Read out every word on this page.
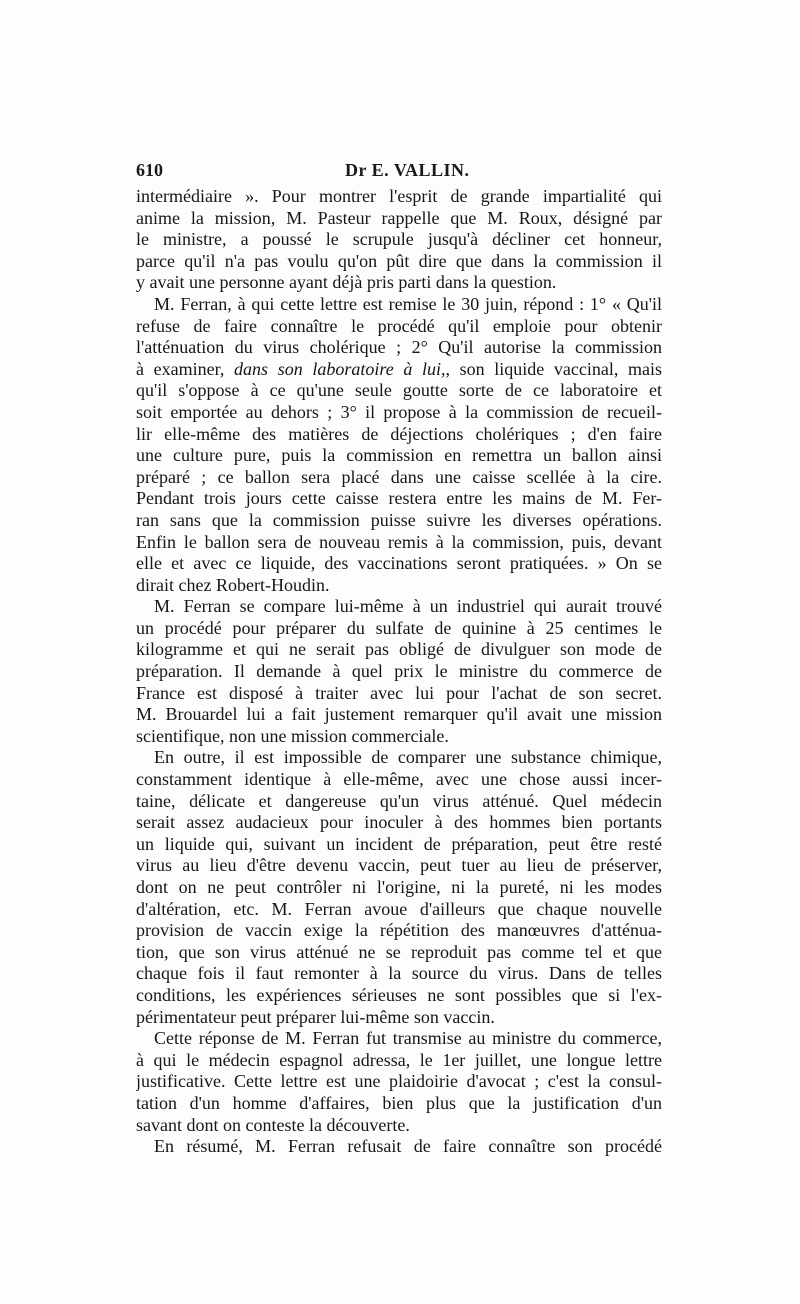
610	Dr E. VALLIN.
intermédiaire ». Pour montrer l'esprit de grande impartialité qui
anime la mission, M. Pasteur rappelle que M. Roux, désigné par
le ministre, a poussé le scrupule jusqu'à décliner cet honneur,
parce qu'il n'a pas voulu qu'on pût dire que dans la commission il
y avait une personne ayant déjà pris parti dans la question.
M. Ferran, à qui cette lettre est remise le 30 juin, répond : 1° « Qu'il
refuse de faire connaître le procédé qu'il emploie pour obtenir
l'atténuation du virus cholérique ; 2° Qu'il autorise la commission
à examiner, dans son laboratoire à lui,, son liquide vaccinal, mais
qu'il s'oppose à ce qu'une seule goutte sorte de ce laboratoire et
soit emportée au dehors ; 3° il propose à la commission de recueil-
lir elle-même des matières de déjections cholériques ; d'en faire
une culture pure, puis la commission en remettra un ballon ainsi
préparé ; ce ballon sera placé dans une caisse scellée à la cire.
Pendant trois jours cette caisse restera entre les mains de M. Fer-
ran sans que la commission puisse suivre les diverses opérations.
Enfin le ballon sera de nouveau remis à la commission, puis, devant
elle et avec ce liquide, des vaccinations seront pratiquées. » On se
dirait chez Robert-Houdin.
M. Ferran se compare lui-même à un industriel qui aurait trouvé
un procédé pour préparer du sulfate de quinine à 25 centimes le
kilogramme et qui ne serait pas obligé de divulguer son mode de
préparation. Il demande à quel prix le ministre du commerce de
France est disposé à traiter avec lui pour l'achat de son secret.
M. Brouardel lui a fait justement remarquer qu'il avait une mission
scientifique, non une mission commerciale.
En outre, il est impossible de comparer une substance chimique,
constamment identique à elle-même, avec une chose aussi incer-
taine, délicate et dangereuse qu'un virus atténué. Quel médecin
serait assez audacieux pour inoculer à des hommes bien portants
un liquide qui, suivant un incident de préparation, peut être resté
virus au lieu d'être devenu vaccin, peut tuer au lieu de préserver,
dont on ne peut contrôler ni l'origine, ni la pureté, ni les modes
d'altération, etc. M. Ferran avoue d'ailleurs que chaque nouvelle
provision de vaccin exige la répétition des manœuvres d'atténua-
tion, que son virus atténué ne se reproduit pas comme tel et que
chaque fois il faut remonter à la source du virus. Dans de telles
conditions, les expériences sérieuses ne sont possibles que si l'ex-
périmentateur peut préparer lui-même son vaccin.
Cette réponse de M. Ferran fut transmise au ministre du commerce,
à qui le médecin espagnol adressa, le 1er juillet, une longue lettre
justificative. Cette lettre est une plaidoirie d'avocat ; c'est la consul-
tation d'un homme d'affaires, bien plus que la justification d'un
savant dont on conteste la découverte.
En résumé, M. Ferran refusait de faire connaître son procédé
